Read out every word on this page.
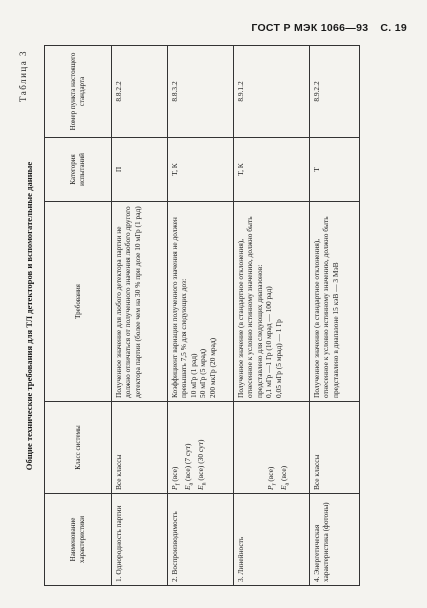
ГОСТ Р МЭК 1066—93 С. 19
Общие технические требования для ТЛ детекторов и вспомогательные данные
Таблица 3
Наименование характеристики	Класс системы	Требования	Категория испытаний	Номер пункта настоящего стандарта
1. Однородность партии	Все классы	Полученное значение для любого детектора партии не должно отличаться от полученного значения любого другого детектора партии (более чем на 30 % при дозе 10 мГр (1 рад)	П	8.8.2.2
2. Воспроизводимость	$P_f$ (все)
$E_a$ (все) (7 сут)
$E_n$ (все) (30 сут)	Коэффициент вариации полученного значения не должен превышать 7,5 % для следующих доз: 10 мГр (1 рад) 50 мГр (5 мрад) 200 мкГр (20 мрад)	Т, К	8.8.3.2
3. Линейность	$P_r$ (все)
$E_a$ (все)	Полученное значение (в стандартное отклонения), отнесенное к условно истинному значению, должно быть представлено для следующих диапазонов: 0,1 мГр —1 Гр (10 мрад — 100 рад) 0,05 мГр (5 мрад) — 1 Гр	Т, К	8.9.1.2
4. Энергетическая характеристика (фотоны)	Все классы	Полученное значение (в стандартное отклонения), отнесенное к условно истинному значению, должно быть представлено в диапазоне 15 кэВ — 3 МэВ	Т	8.9.2.2
